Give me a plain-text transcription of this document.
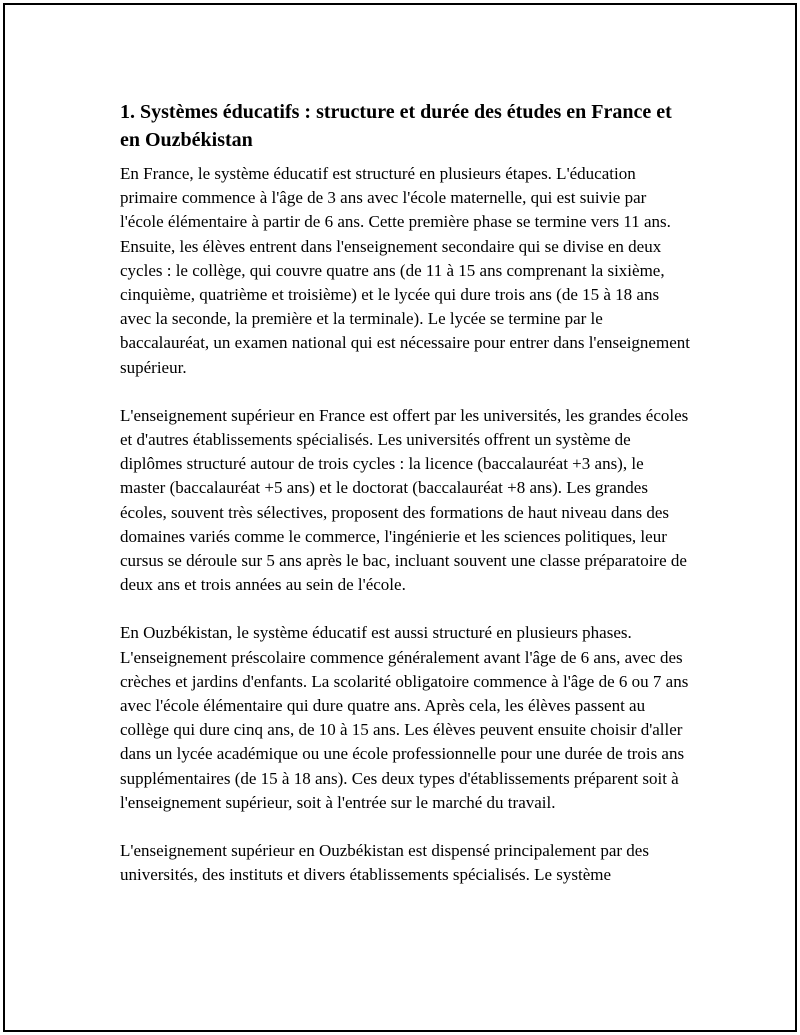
1. Systèmes éducatifs : structure et durée des études en France et en Ouzbékistan

En France, le système éducatif est structuré en plusieurs étapes. L'éducation primaire commence à l'âge de 3 ans avec l'école maternelle, qui est suivie par l'école élémentaire à partir de 6 ans. Cette première phase se termine vers 11 ans. Ensuite, les élèves entrent dans l'enseignement secondaire qui se divise en deux cycles : le collège, qui couvre quatre ans (de 11 à 15 ans comprenant la sixième, cinquième, quatrième et troisième) et le lycée qui dure trois ans (de 15 à 18 ans avec la seconde, la première et la terminale). Le lycée se termine par le baccalauréat, un examen national qui est nécessaire pour entrer dans l'enseignement supérieur.

L'enseignement supérieur en France est offert par les universités, les grandes écoles et d'autres établissements spécialisés. Les universités offrent un système de diplômes structuré autour de trois cycles : la licence (baccalauréat +3 ans), le master (baccalauréat +5 ans) et le doctorat (baccalauréat +8 ans). Les grandes écoles, souvent très sélectives, proposent des formations de haut niveau dans des domaines variés comme le commerce, l'ingénierie et les sciences politiques, leur cursus se déroule sur 5 ans après le bac, incluant souvent une classe préparatoire de deux ans et trois années au sein de l'école.

En Ouzbékistan, le système éducatif est aussi structuré en plusieurs phases. L'enseignement préscolaire commence généralement avant l'âge de 6 ans, avec des crèches et jardins d'enfants. La scolarité obligatoire commence à l'âge de 6 ou 7 ans avec l'école élémentaire qui dure quatre ans. Après cela, les élèves passent au collège qui dure cinq ans, de 10 à 15 ans. Les élèves peuvent ensuite choisir d'aller dans un lycée académique ou une école professionnelle pour une durée de trois ans supplémentaires (de 15 à 18 ans). Ces deux types d'établissements préparent soit à l'enseignement supérieur, soit à l'entrée sur le marché du travail.

L'enseignement supérieur en Ouzbékistan est dispensé principalement par des universités, des instituts et divers établissements spécialisés. Le système
